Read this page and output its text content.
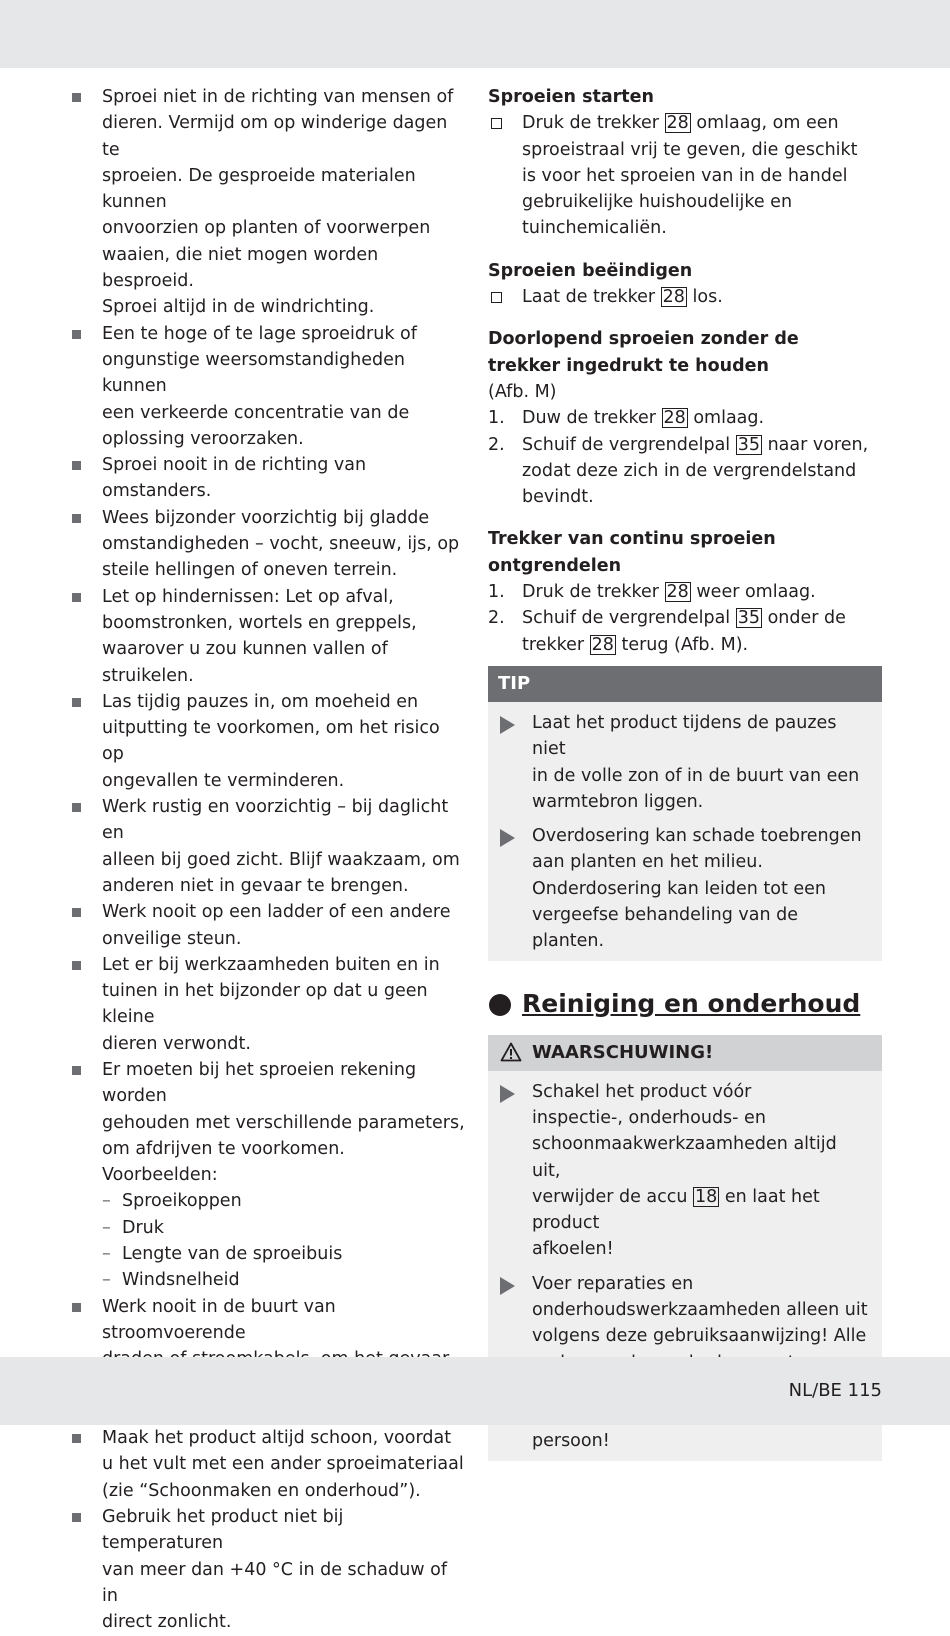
Sproei niet in de richting van mensen of
dieren. Vermijd om op winderige dagen te
sproeien. De gesproeide materialen kunnen
onvoorzien op planten of voorwerpen
waaien, die niet mogen worden besproeid.
Sproei altijd in de windrichting.
Een te hoge of te lage sproeidruk of
ongunstige weersomstandigheden kunnen
een verkeerde concentratie van de
oplossing veroorzaken.
Sproei nooit in de richting van omstanders.
Wees bijzonder voorzichtig bij gladde
omstandigheden – vocht, sneeuw, ijs, op
steile hellingen of oneven terrein.
Let op hindernissen: Let op afval,
boomstronken, wortels en greppels,
waarover u zou kunnen vallen of struikelen.
Las tijdig pauzes in, om moeheid en
uitputting te voorkomen, om het risico op
ongevallen te verminderen.
Werk rustig en voorzichtig – bij daglicht en
alleen bij goed zicht. Blijf waakzaam, om
anderen niet in gevaar te brengen.
Werk nooit op een ladder of een andere
onveilige steun.
Let er bij werkzaamheden buiten en in
tuinen in het bijzonder op dat u geen kleine
dieren verwondt.
Er moeten bij het sproeien rekening worden
gehouden met verschillende parameters,
om afdrijven te voorkomen. Voorbeelden:
– Sproeikoppen
– Druk
– Lengte van de sproeibuis
– Windsnelheid
Werk nooit in de buurt van stroomvoerende
Maak het product altijd schoon, voordat
u het vult met een ander sproeimateriaal
(zie “Schoonmaken en onderhoud”).
Gebruik het product niet bij temperaturen
van meer dan +40 °C in de schaduw of in
direct zonlicht.
Sproeien starten
Druk de trekker 28 omlaag, om een
sproeistraal vrij te geven, die geschikt
is voor het sproeien van in de handel
gebruikelijke huishoudelijke en
tuinchemicaliën.
Sproeien beëindigen
Laat de trekker 28 los.
Doorlopend sproeien zonder de
trekker ingedrukt te houden
(Afb. M)
1. Duw de trekker 28 omlaag.
2. Schuif de vergrendelpal 35 naar voren,
zodat deze zich in de vergrendelstand
bevindt.
Trekker van continu sproeien
ontgrendelen
1. Druk de trekker 28 weer omlaag.
2. Schuif de vergrendelpal 35 onder de
trekker 28 terug (Afb. M).
TIP
Laat het product tijdens de pauzes niet
in de volle zon of in de buurt van een
warmtebron liggen.
Overdosering kan schade toebrengen
aan planten en het milieu.
Onderdosering kan leiden tot een
vergeefse behandeling van de planten.
Reiniging en onderhoud
WAARSCHUWING!
Schakel het product vóór
inspectie-, onderhouds- en
schoonmaakwerkzaamheden altijd uit,
verwijder de accu 18 en laat het product
afkoelen!
Voer reparaties en
onderhoudswerkzaamheden alleen uit
volgens deze gebruiksaanwijzing! Alle
persoon!
NL/BE 115
